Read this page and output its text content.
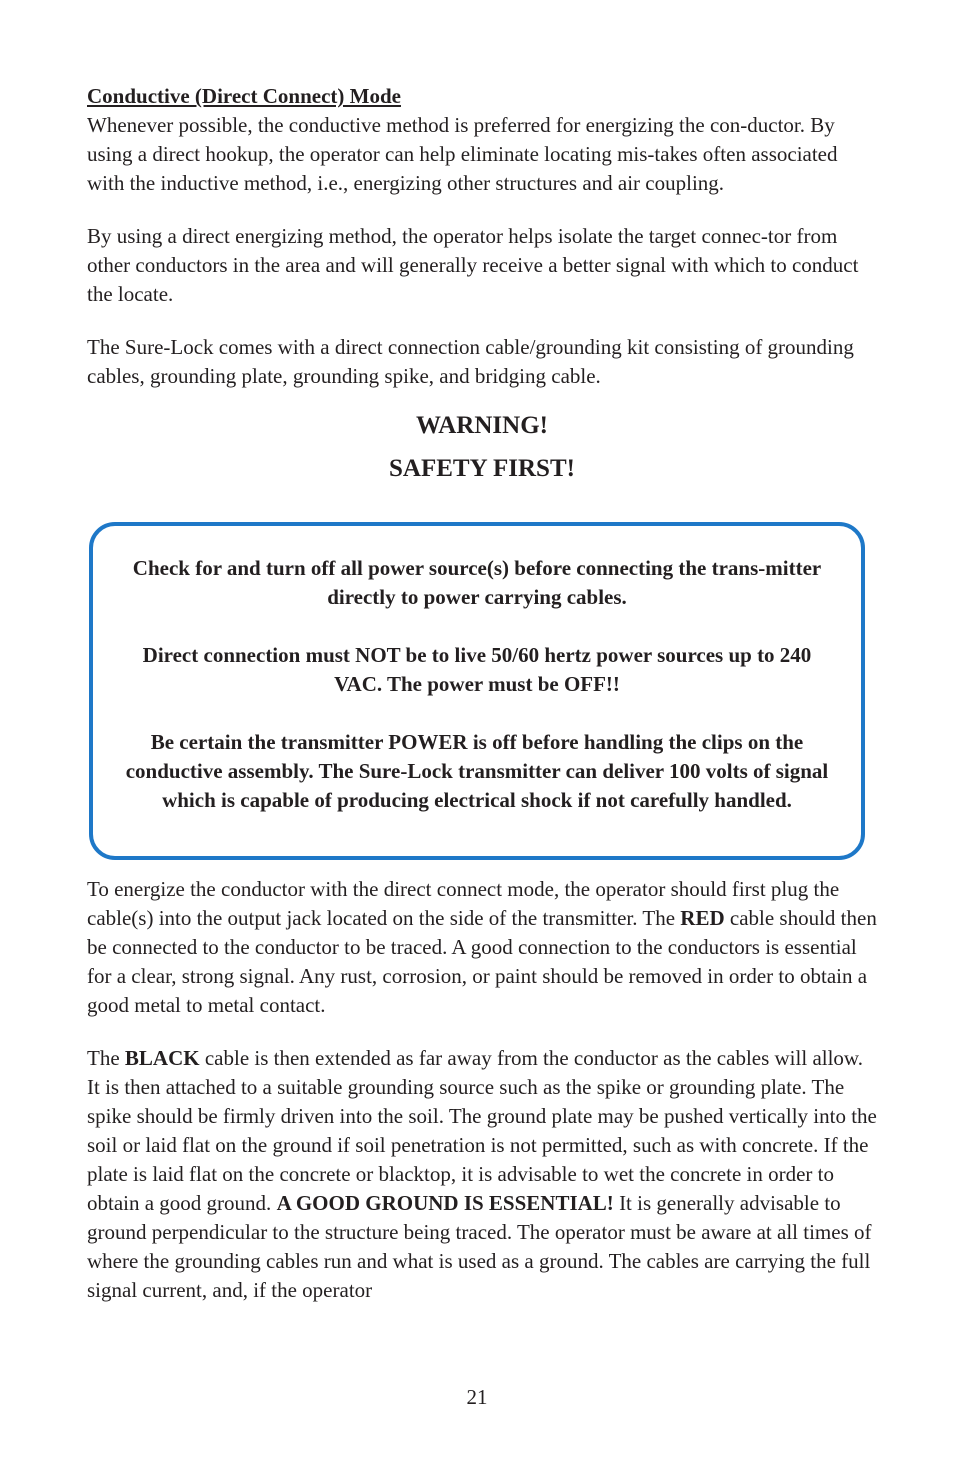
Conductive (Direct Connect) Mode

Whenever possible, the conductive method is preferred for energizing the con-ductor. By using a direct hookup, the operator can help eliminate locating mis-takes often associated with the inductive method, i.e., energizing other structures and air coupling.

By using a direct energizing method, the operator helps isolate the target connec-tor from other conductors in the area and will generally receive a better signal with which to conduct the locate.

The Sure-Lock comes with a direct connection cable/grounding kit consisting of grounding cables, grounding plate, grounding spike, and bridging cable.

WARNING!

SAFETY FIRST!

Check for and turn off all power source(s) before connecting the trans-mitter directly to power carrying cables.

Direct connection must NOT be to live 50/60 hertz power sources up to 240 VAC. The power must be OFF!!

Be certain the transmitter POWER is off before handling the clips on the conductive assembly. The Sure-Lock transmitter can deliver 100 volts of signal which is capable of producing electrical shock if not carefully handled.

To energize the conductor with the direct connect mode, the operator should first plug the cable(s) into the output jack located on the side of the transmitter. The RED cable should then be connected to the conductor to be traced. A good connection to the conductors is essential for a clear, strong signal. Any rust, corrosion, or paint should be removed in order to obtain a good metal to metal contact.

The BLACK cable is then extended as far away from the conductor as the cables will allow. It is then attached to a suitable grounding source such as the spike or grounding plate. The spike should be firmly driven into the soil. The ground plate may be pushed vertically into the soil or laid flat on the ground if soil penetration is not permitted, such as with concrete. If the plate is laid flat on the concrete or blacktop, it is advisable to wet the concrete in order to obtain a good ground. A GOOD GROUND IS ESSENTIAL! It is generally advisable to ground perpendicular to the structure being traced. The operator must be aware at all times of where the grounding cables run and what is used as a ground. The cables are carrying the full signal current, and, if the operator

21
